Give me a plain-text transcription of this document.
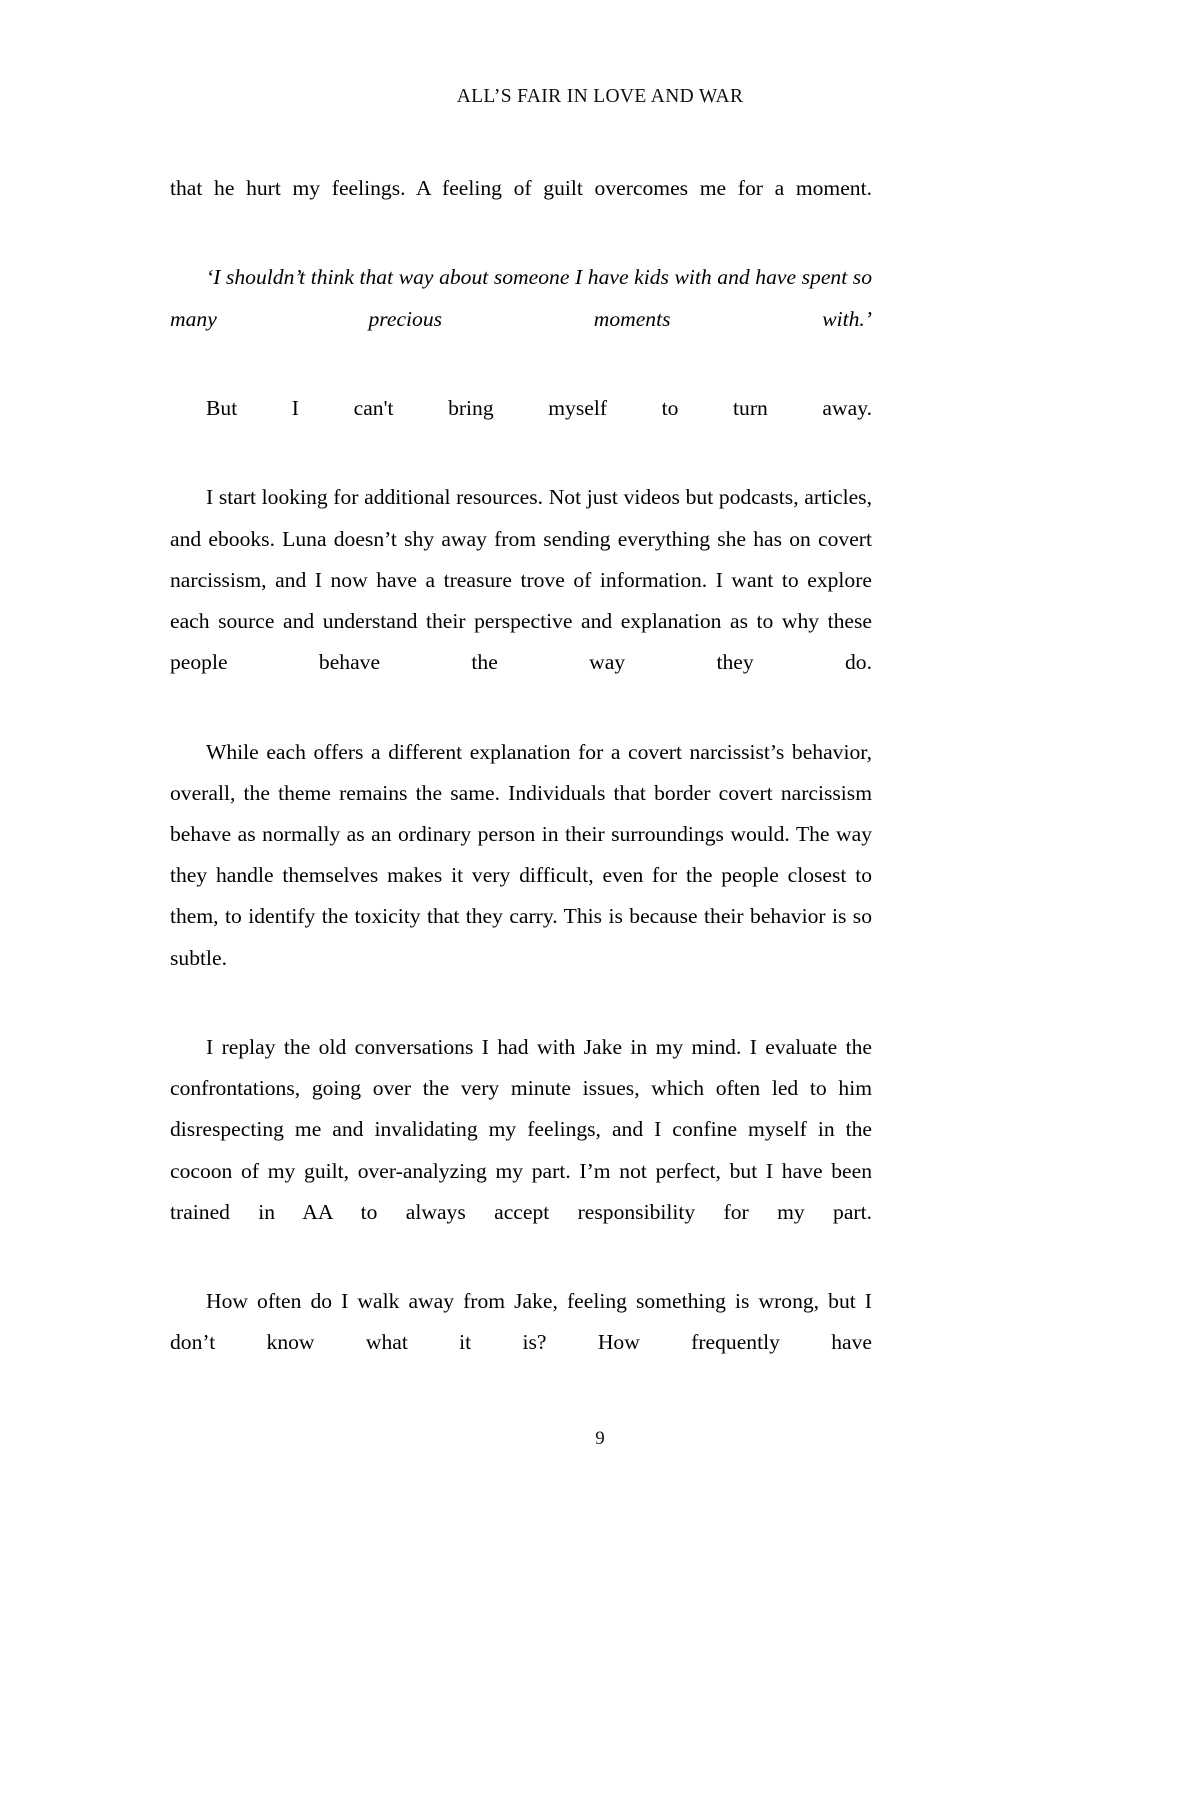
ALL’S FAIR IN LOVE AND WAR

that he hurt my feelings. A feeling of guilt overcomes me for a moment.

‘I shouldn’t think that way about someone I have kids with and have spent so many precious moments with.’

But I can't bring myself to turn away.

I start looking for additional resources. Not just videos but podcasts, articles, and ebooks. Luna doesn’t shy away from sending everything she has on covert narcissism, and I now have a treasure trove of information. I want to explore each source and understand their perspective and explanation as to why these people behave the way they do.

While each offers a different explanation for a covert narcissist’s behavior, overall, the theme remains the same. Individuals that border covert narcissism behave as normally as an ordinary person in their surroundings would. The way they handle themselves makes it very difficult, even for the people closest to them, to identify the toxicity that they carry. This is because their behavior is so subtle.

I replay the old conversations I had with Jake in my mind. I evaluate the confrontations, going over the very minute issues, which often led to him disrespecting me and invalidating my feelings, and I confine myself in the cocoon of my guilt, over-analyzing my part. I’m not perfect, but I have been trained in AA to always accept responsibility for my part.

How often do I walk away from Jake, feeling something is wrong, but I don’t know what it is? How frequently have

9
